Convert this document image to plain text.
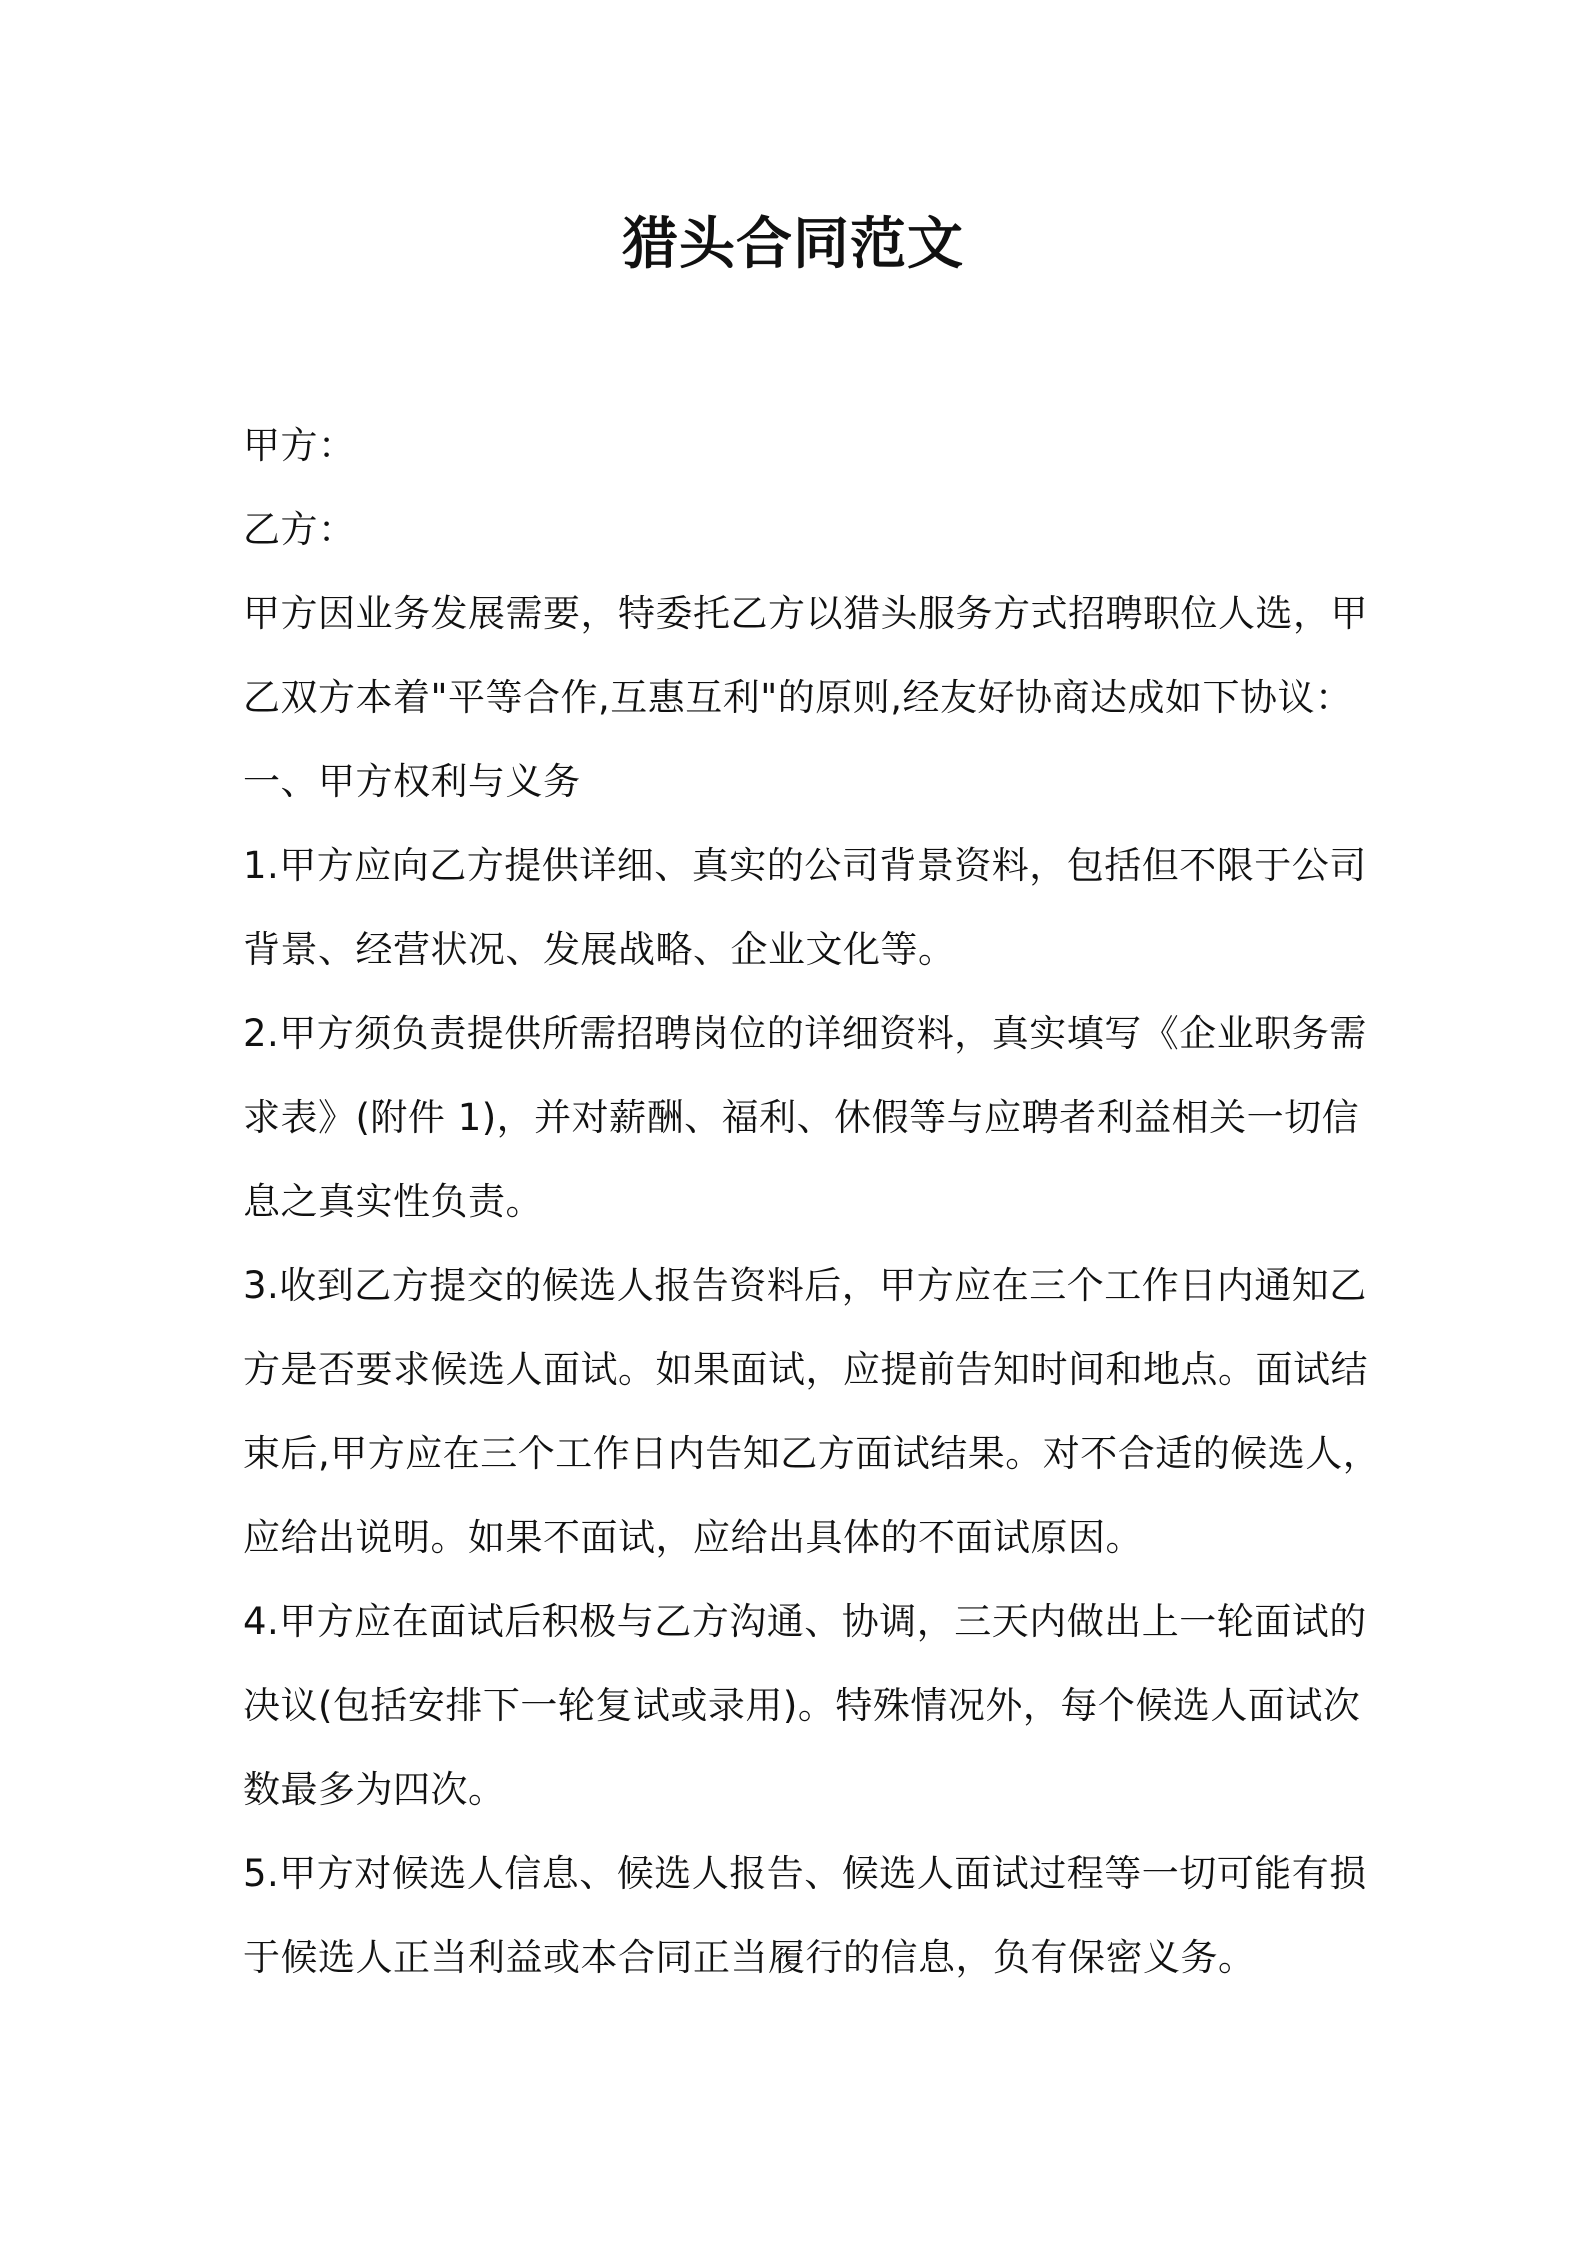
猎头合同范文
甲方：
乙方：
甲方因业务发展需要，特委托乙方以猎头服务方式招聘职位人选，甲
乙双方本着"平等合作,互惠互利"的原则,经友好协商达成如下协议：
一、甲方权利与义务
1.甲方应向乙方提供详细、真实的公司背景资料，包括但不限于公司
背景、经营状况、发展战略、企业文化等。
2.甲方须负责提供所需招聘岗位的详细资料，真实填写《企业职务需
求表》(附件 1)，并对薪酬、福利、休假等与应聘者利益相关一切信
息之真实性负责。
3.收到乙方提交的候选人报告资料后，甲方应在三个工作日内通知乙
方是否要求候选人面试。如果面试，应提前告知时间和地点。面试结
束后,甲方应在三个工作日内告知乙方面试结果。对不合适的候选人，
应给出说明。如果不面试，应给出具体的不面试原因。
4.甲方应在面试后积极与乙方沟通、协调，三天内做出上一轮面试的
决议(包括安排下一轮复试或录用)。特殊情况外，每个候选人面试次
数最多为四次。
5.甲方对候选人信息、候选人报告、候选人面试过程等一切可能有损
于候选人正当利益或本合同正当履行的信息，负有保密义务。
